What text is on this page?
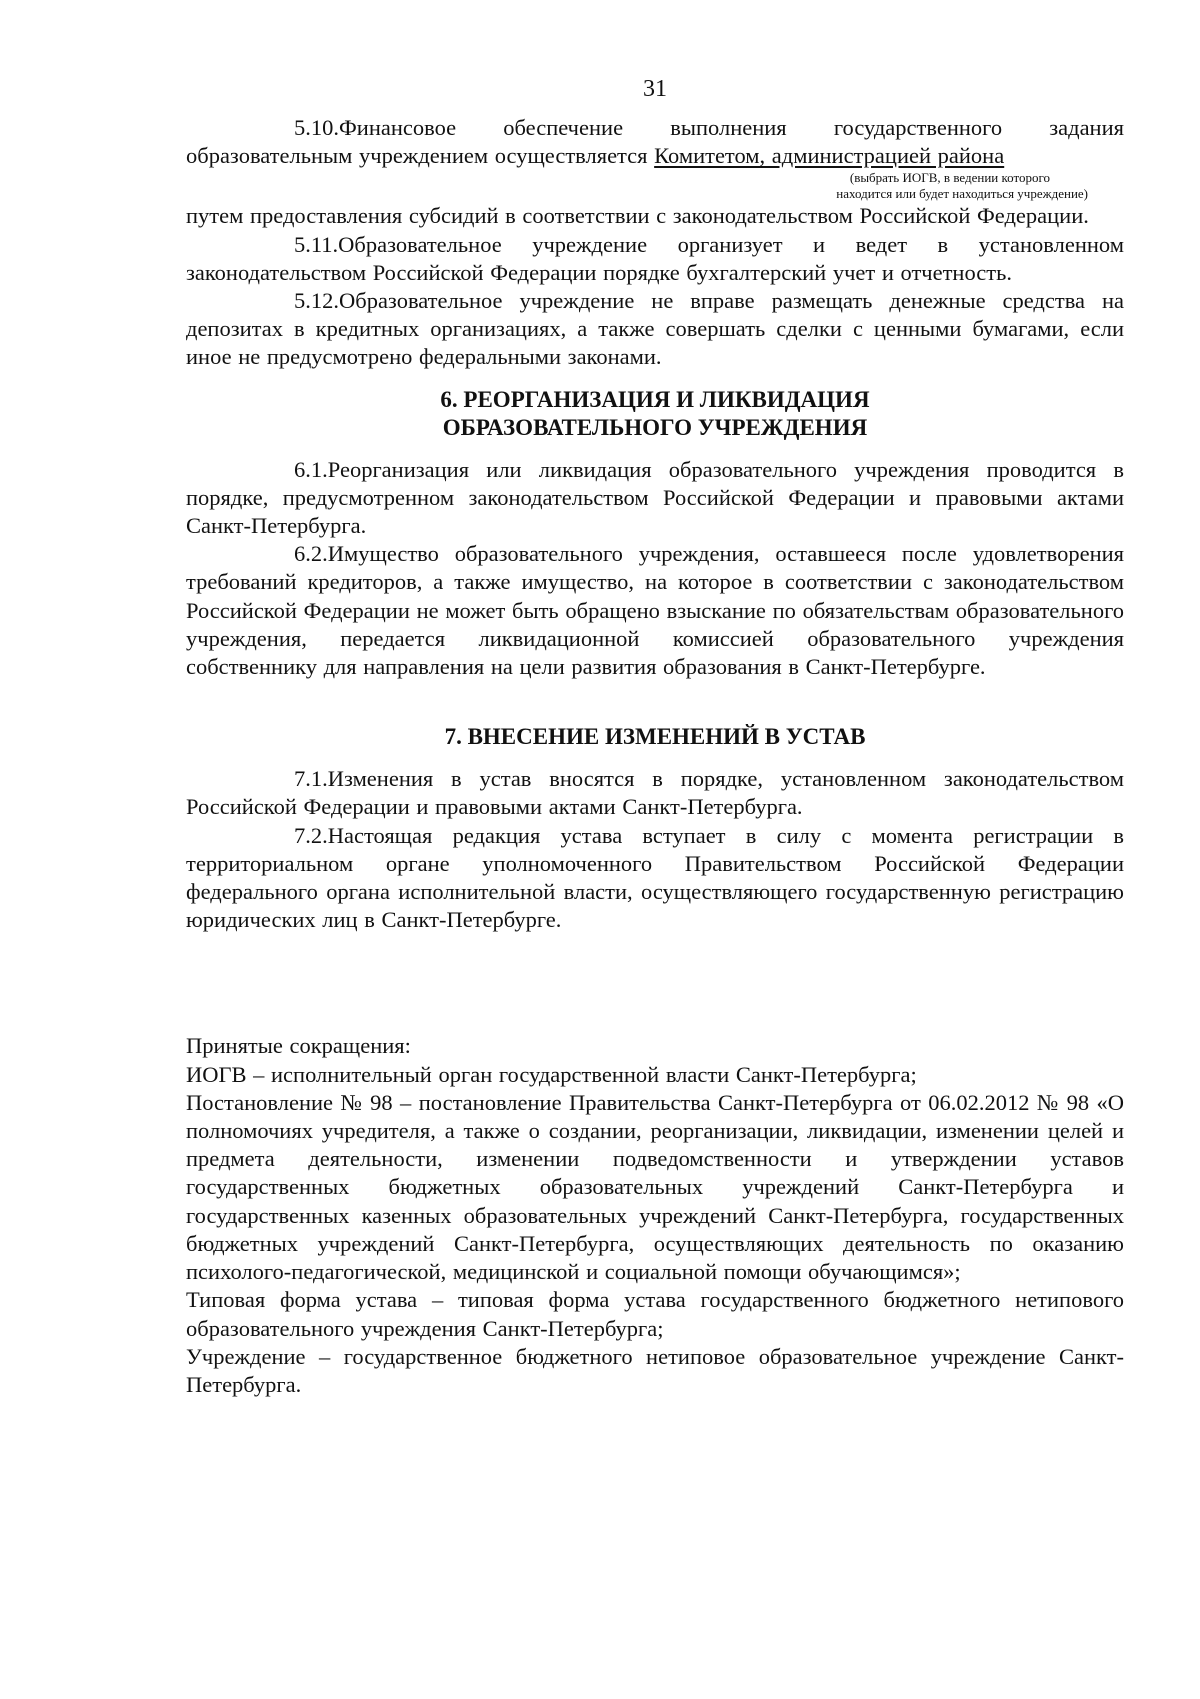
31

5.10.Финансовое обеспечение выполнения государственного задания образовательным учреждением осуществляется Комитетом, администрацией района

(выбрать ИОГВ, в ведении которого
находится или будет находиться учреждение)

путем предоставления субсидий в соответствии с законодательством Российской Федерации.

5.11.Образовательное учреждение организует и ведет в установленном законодательством Российской Федерации порядке бухгалтерский учет и отчетность.

5.12.Образовательное учреждение не вправе размещать денежные средства на депозитах в кредитных организациях, а также совершать сделки с ценными бумагами, если иное не предусмотрено федеральными законами.

6. РЕОРГАНИЗАЦИЯ И ЛИКВИДАЦИЯ
ОБРАЗОВАТЕЛЬНОГО УЧРЕЖДЕНИЯ

6.1.Реорганизация или ликвидация образовательного учреждения проводится в порядке, предусмотренном законодательством Российской Федерации и правовыми актами Санкт-Петербурга.

6.2.Имущество образовательного учреждения, оставшееся после удовлетворения требований кредиторов, а также имущество, на которое в соответствии с законодательством Российской Федерации не может быть обращено взыскание по обязательствам образовательного учреждения, передается ликвидационной комиссией образовательного учреждения собственнику для направления на цели развития образования в Санкт-Петербурге.

7. ВНЕСЕНИЕ ИЗМЕНЕНИЙ В УСТАВ

7.1.Изменения в устав вносятся в порядке, установленном законодательством Российской Федерации и правовыми актами Санкт-Петербурга.

7.2.Настоящая редакция устава вступает в силу с момента регистрации в территориальном органе уполномоченного Правительством Российской Федерации федерального органа исполнительной власти, осуществляющего государственную регистрацию юридических лиц в Санкт-Петербурге.

Принятые сокращения:

ИОГВ – исполнительный орган государственной власти Санкт-Петербурга;

Постановление № 98 – постановление Правительства Санкт-Петербурга от 06.02.2012 № 98 «О полномочиях учредителя, а также о создании, реорганизации, ликвидации, изменении целей и предмета деятельности, изменении подведомственности и утверждении уставов государственных бюджетных образовательных учреждений Санкт-Петербурга и государственных казенных образовательных учреждений Санкт-Петербурга, государственных бюджетных учреждений Санкт-Петербурга, осуществляющих деятельность по оказанию психолого-педагогической, медицинской и социальной помощи обучающимся»;

Типовая форма устава – типовая форма устава государственного бюджетного нетипового образовательного учреждения Санкт-Петербурга;

Учреждение – государственное бюджетного нетиповое образовательное учреждение Санкт-Петербурга.
